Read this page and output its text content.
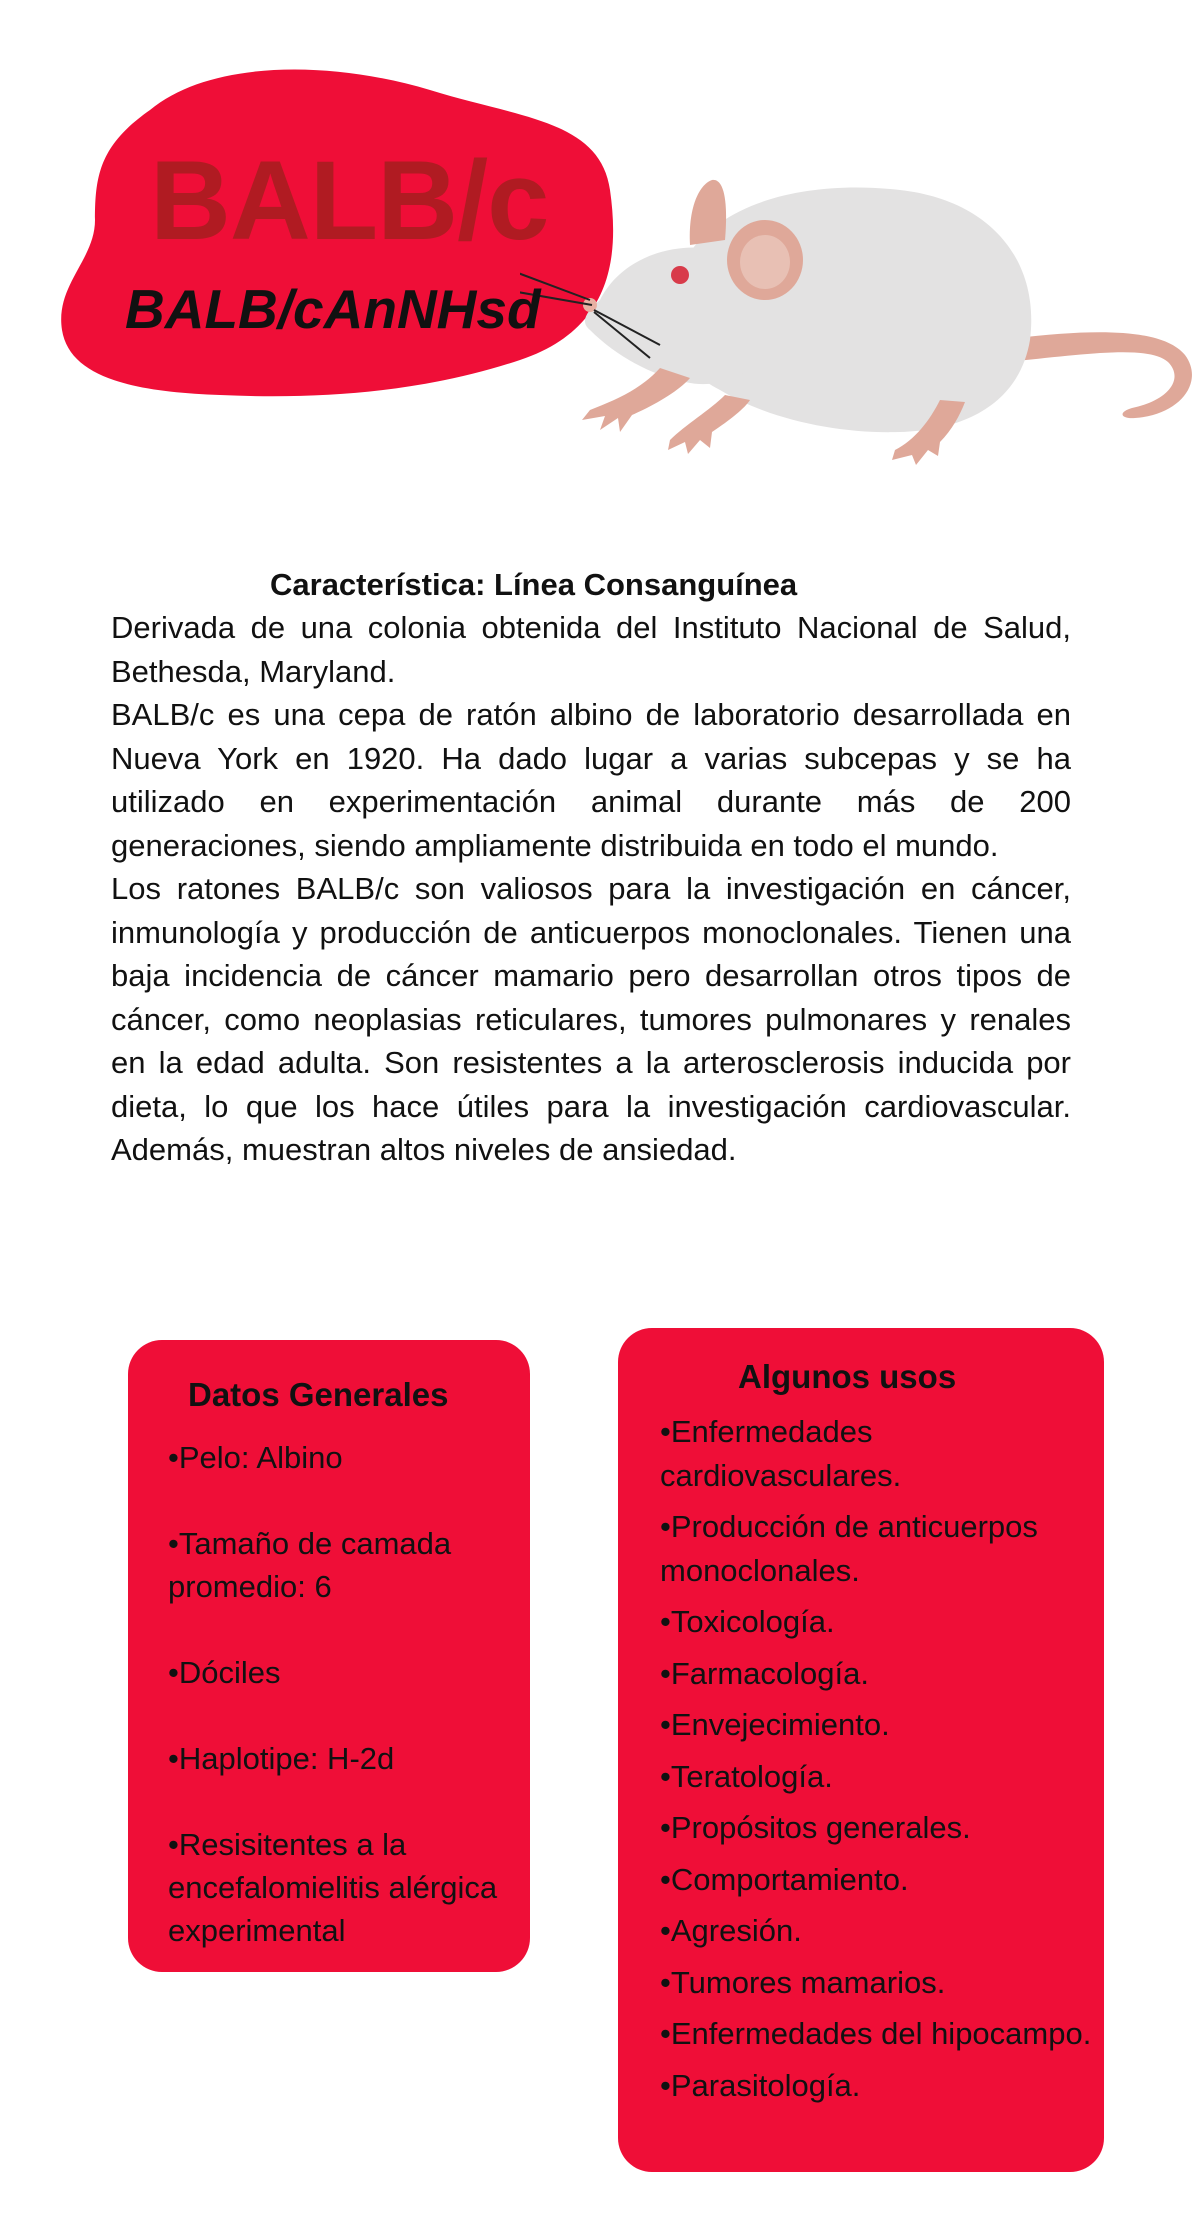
BALB/c
BALB/cAnNHsd
Característica: Línea Consanguínea

Derivada de una colonia obtenida del Instituto Nacional de Salud, Bethesda, Maryland.

BALB/c es una cepa de ratón albino de laboratorio desarrollada en Nueva York en 1920. Ha dado lugar a varias subcepas y se ha utilizado en experimentación animal durante más de 200 generaciones, siendo ampliamente distribuida en todo el mundo.

Los ratones BALB/c son valiosos para la investigación en cáncer, inmunología y producción de anticuerpos monoclonales. Tienen una baja incidencia de cáncer mamario pero desarrollan otros tipos de cáncer, como neoplasias reticulares, tumores pulmonares y renales en la edad adulta. Son resistentes a la arterosclerosis inducida por dieta, lo que los hace útiles para la investigación cardiovascular. Además, muestran altos niveles de ansiedad.

Datos Generales
•Pelo: Albino
•Tamaño de camada promedio: 6
•Dóciles
•Haplotipe: H-2d
•Resisitentes a la encefalomielitis alérgica experimental
Algunos usos
•Enfermedades cardiovasculares.
•Producción de anticuerpos monoclonales.
•Toxicología.
•Farmacología.
•Envejecimiento.
•Teratología.
•Propósitos generales.
•Comportamiento.
•Agresión.
•Tumores mamarios.
•Enfermedades del hipocampo.
•Parasitología.
